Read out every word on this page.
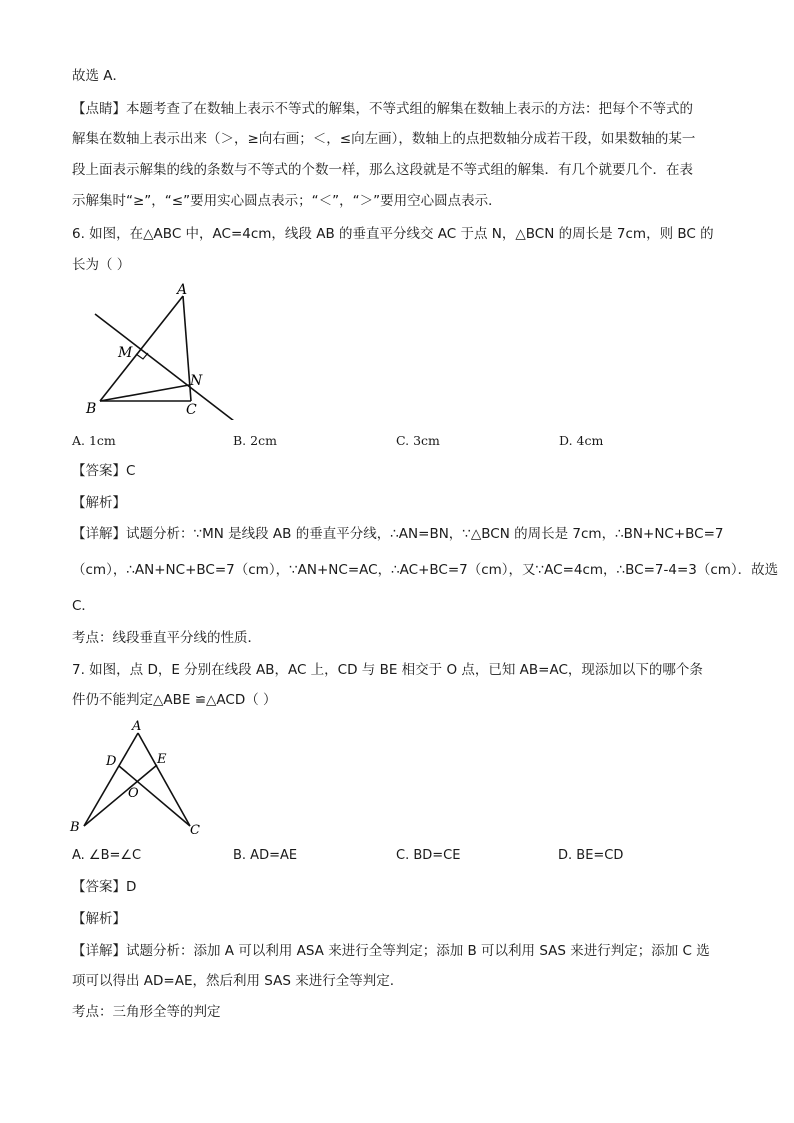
故选 A．
【点睛】本题考查了在数轴上表示不等式的解集，不等式组的解集在数轴上表示的方法：把每个不等式的
解集在数轴上表示出来（＞，≥向右画；＜，≤向左画），数轴上的点把数轴分成若干段，如果数轴的某一
段上面表示解集的线的条数与不等式的个数一样，那么这段就是不等式组的解集．有几个就要几个．在表
示解集时“≥”，“≤”要用实心圆点表示；“＜”，“＞”要用空心圆点表示．
6. 如图，在△ABC 中，AC=4cm，线段 AB 的垂直平分线交 AC 于点 N，△BCN 的周长是 7cm，则 BC 的
长为（ ）
A
M
N
B	C
A. 1cm	B. 2cm	C. 3cm	D. 4cm
【答案】C
【解析】
【详解】试题分析：∵MN 是线段 AB 的垂直平分线，∴AN=BN，∵△BCN 的周长是 7cm，∴BN+NC+BC=7
（cm），∴AN+NC+BC=7（cm），∵AN+NC=AC，∴AC+BC=7（cm），又∵AC=4cm，∴BC=7-4=3（cm）．故选
C．
考点：线段垂直平分线的性质．
7. 如图，点 D，E 分别在线段 AB，AC 上，CD 与 BE 相交于 O 点，已知 AB=AC，现添加以下的哪个条
件仍不能判定△ABE ≌△ACD（ ）
A
D	E
O
B	C
A. ∠B=∠C	B. AD=AE	C. BD=CE	D. BE=CD
【答案】D
【解析】
【详解】试题分析：添加 A 可以利用 ASA 来进行全等判定；添加 B 可以利用 SAS 来进行判定；添加 C 选
项可以得出 AD=AE，然后利用 SAS 来进行全等判定.
考点：三角形全等的判定
